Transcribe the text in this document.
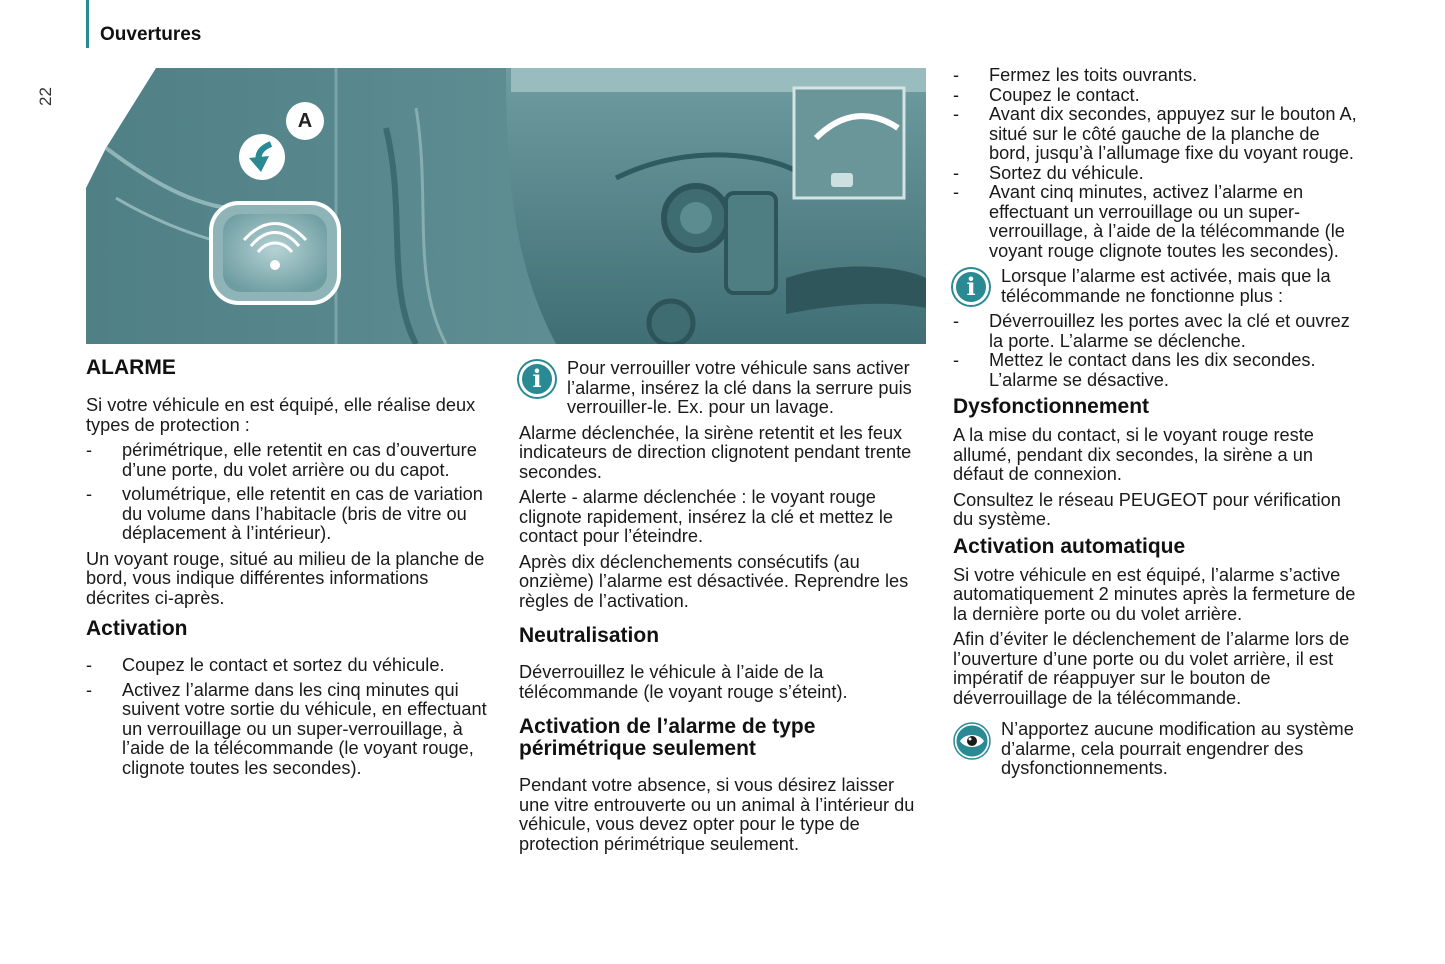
Ouvertures
22
A
ALARME

Si votre véhicule en est équipé, elle réalise deux types de protection :

- périmétrique, elle retentit en cas d’ouverture d’une porte, du volet arrière ou du capot.
- volumétrique, elle retentit en cas de variation du volume dans l’habitacle (bris de vitre ou déplacement à l’intérieur).

Un voyant rouge, situé au milieu de la planche de bord, vous indique différentes informations décrites ci-après.

Activation
- Coupez le contact et sortez du véhicule.
- Activez l’alarme dans les cinq minutes qui suivent votre sortie du véhicule, en effectuant un verrouillage ou un super-verrouillage, à l’aide de la télécommande (le voyant rouge, clignote toutes les secondes).
i	Pour verrouiller votre véhicule sans activer l’alarme, insérez la clé dans la serrure puis verrouiller-le. Ex. pour un lavage.

Alarme déclenchée, la sirène retentit et les feux indicateurs de direction clignotent pendant trente secondes.

Alerte - alarme déclenchée : le voyant rouge clignote rapidement, insérez la clé et mettez le contact pour l’éteindre.

Après dix déclenchements consécutifs (au onzième) l’alarme est désactivée. Reprendre les règles de l’activation.

Neutralisation

Déverrouillez le véhicule à l’aide de la télécommande (le voyant rouge s’éteint).

Activation de l’alarme de type périmétrique seulement

Pendant votre absence, si vous désirez laisser une vitre entrouverte ou un animal à l’intérieur du véhicule, vous devez opter pour le type de protection périmétrique seulement.

- Fermez les toits ouvrants.
- Coupez le contact.
- Avant dix secondes, appuyez sur le bouton A, situé sur le côté gauche de la planche de bord, jusqu’à l’allumage fixe du voyant rouge.
- Sortez du véhicule.
- Avant cinq minutes, activez l’alarme en effectuant un verrouillage ou un super-verrouillage, à l’aide de la télécommande (le voyant rouge clignote toutes les secondes).
i	Lorsque l’alarme est activée, mais que la télécommande ne fonctionne plus :
- Déverrouillez les portes avec la clé et ouvrez la porte. L’alarme se déclenche.
- Mettez le contact dans les dix secondes. L’alarme se désactive.
Dysfonctionnement

A la mise du contact, si le voyant rouge reste allumé, pendant dix secondes, la sirène a un défaut de connexion.

Consultez le réseau PEUGEOT pour vérification du système.

Activation automatique

Si votre véhicule en est équipé, l’alarme s’active automatiquement 2 minutes après la fermeture de la dernière porte ou du volet arrière.

Afin d’éviter le déclenchement de l’alarme lors de l’ouverture d’une porte ou du volet arrière, il est impératif de réappuyer sur le bouton de déverrouillage de la télécommande.

N’apportez aucune modification au système d’alarme, cela pourrait engendrer des dysfonctionnements.
